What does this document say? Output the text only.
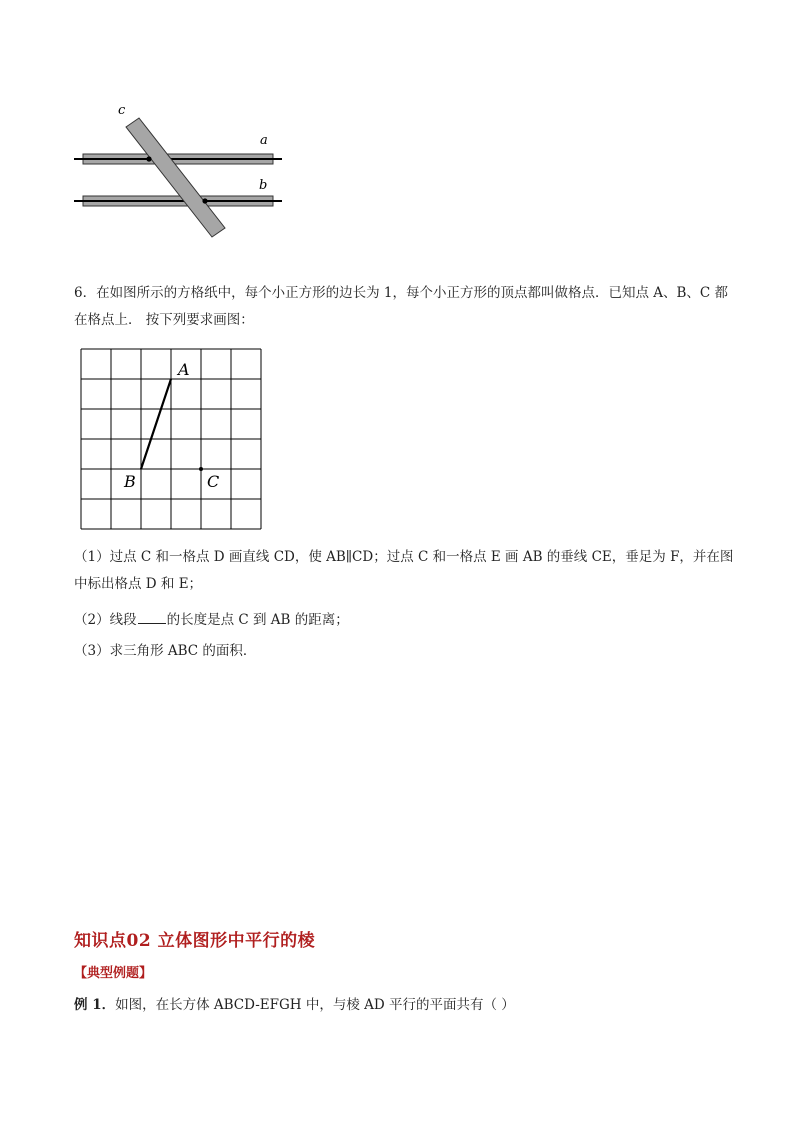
c
a
b
6．在如图所示的方格纸中，每个小正方形的边长为 1，每个小正方形的顶点都叫做格点．已知点 A、B、C 都在格点上． 按下列要求画图：
A
B	C
（1）过点 C 和一格点 D 画直线 CD，使 AB∥CD；过点 C 和一格点 E 画 AB 的垂线 CE，垂足为 F，并在图中标出格点 D 和 E；
（2）线段 的长度是点 C 到 AB 的距离；
（3）求三角形 ABC 的面积．
知识点02 立体图形中平行的棱
【典型例题】
例 1．如图，在长方体 ABCD-EFGH 中，与棱 AD 平行的平面共有（ ）
